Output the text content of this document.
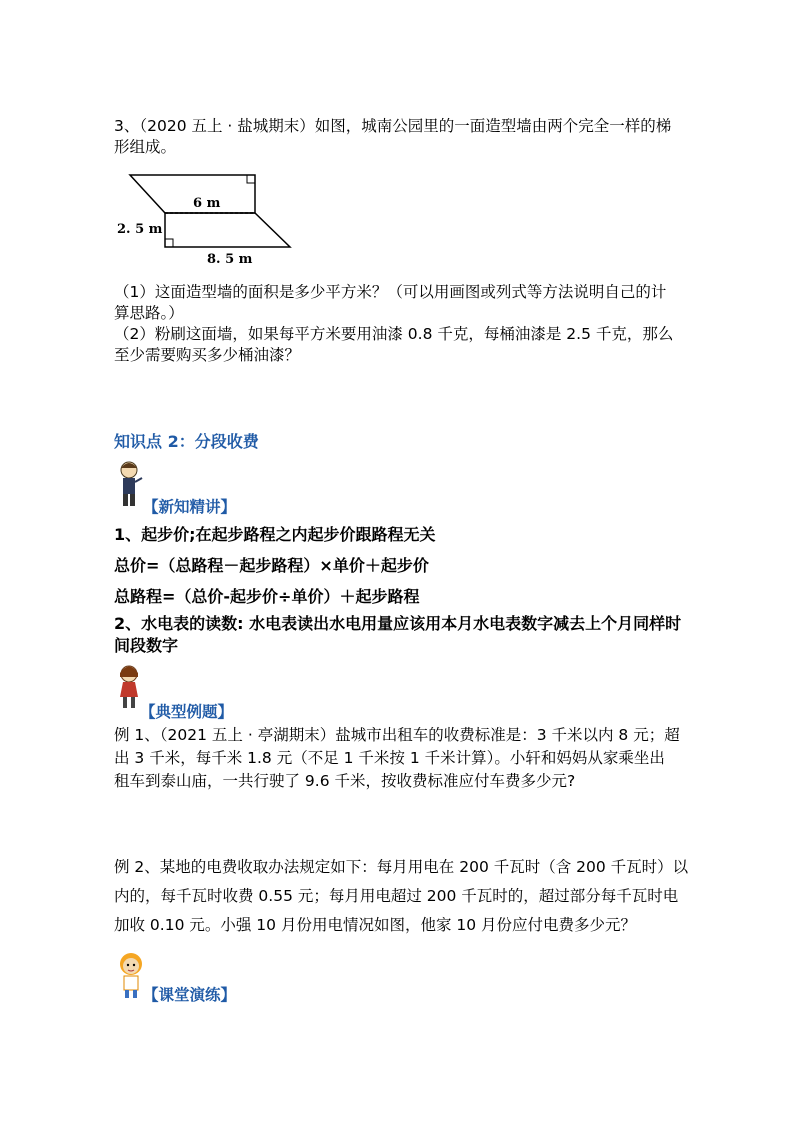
3、（2020 五上 · 盐城期末）如图，城南公园里的一面造型墙由两个完全一样的梯
形组成。
6 m
2. 5 m
8. 5 m
（1）这面造型墙的面积是多少平方米？（可以用画图或列式等方法说明自己的计
算思路。）
（2）粉刷这面墙，如果每平方米要用油漆 0.8 千克，每桶油漆是 2.5 千克，那么
至少需要购买多少桶油漆？
知识点 2：分段收费
【新知精讲】
1、起步价;在起步路程之内起步价跟路程无关
总价=（总路程－起步路程）×单价＋起步价
总路程=（总价-起步价÷单价）＋起步路程
2、水电表的读数: 水电表读出水电用量应该用本月水电表数字减去上个月同样时
间段数字
【典型例题】
例 1、（2021 五上 · 亭湖期末）盐城市出租车的收费标准是：3 千米以内 8 元；超
出 3 千米，每千米 1.8 元（不足 1 千米按 1 千米计算）。小轩和妈妈从家乘坐出
租车到泰山庙，一共行驶了 9.6 千米，按收费标准应付车费多少元?
例 2、某地的电费收取办法规定如下：每月用电在 200 千瓦时（含 200 千瓦时）以
内的，每千瓦时收费 0.55 元；每月用电超过 200 千瓦时的，超过部分每千瓦时电
加收 0.10 元。小强 10 月份用电情况如图，他家 10 月份应付电费多少元？
【课堂演练】
